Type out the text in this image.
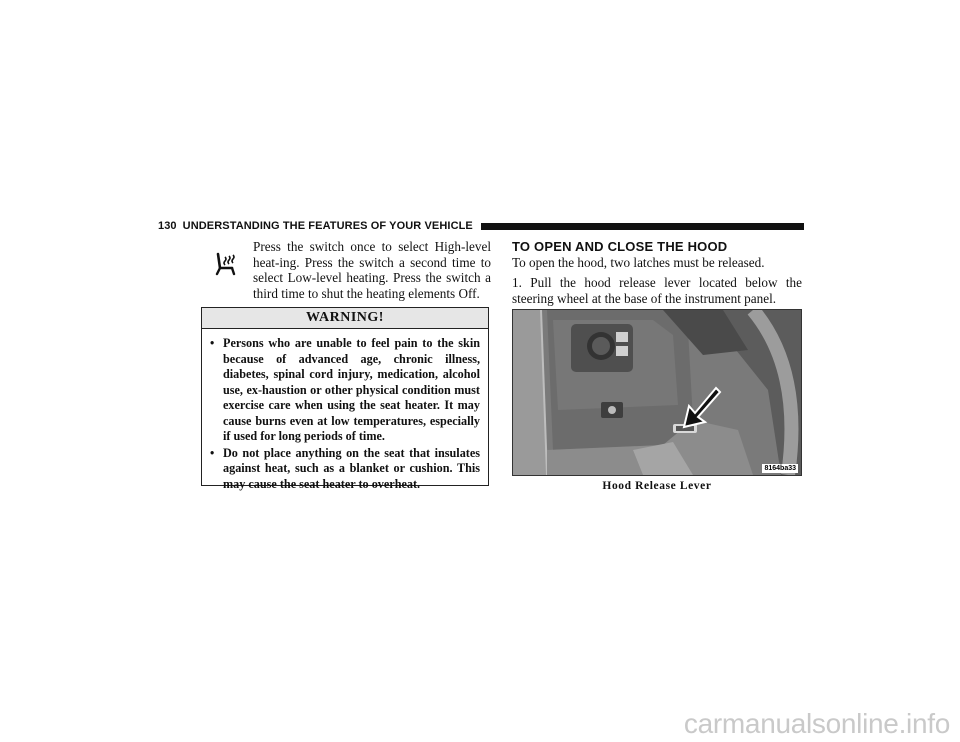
130 UNDERSTANDING THE FEATURES OF YOUR VEHICLE
Press the switch once to select High-level heat-ing. Press the switch a second time to select Low-level heating. Press the switch a third time to shut the heating elements Off.
WARNING!
• Persons who are unable to feel pain to the skin because of advanced age, chronic illness, diabetes, spinal cord injury, medication, alcohol use, ex-haustion or other physical condition must exercise care when using the seat heater. It may cause burns even at low temperatures, especially if used for long periods of time.
• Do not place anything on the seat that insulates against heat, such as a blanket or cushion. This may cause the seat heater to overheat.
TO OPEN AND CLOSE THE HOOD
To open the hood, two latches must be released.
1. Pull the hood release lever located below the steering wheel at the base of the instrument panel.
8164ba33
Hood Release Lever
carmanualsonline.info
